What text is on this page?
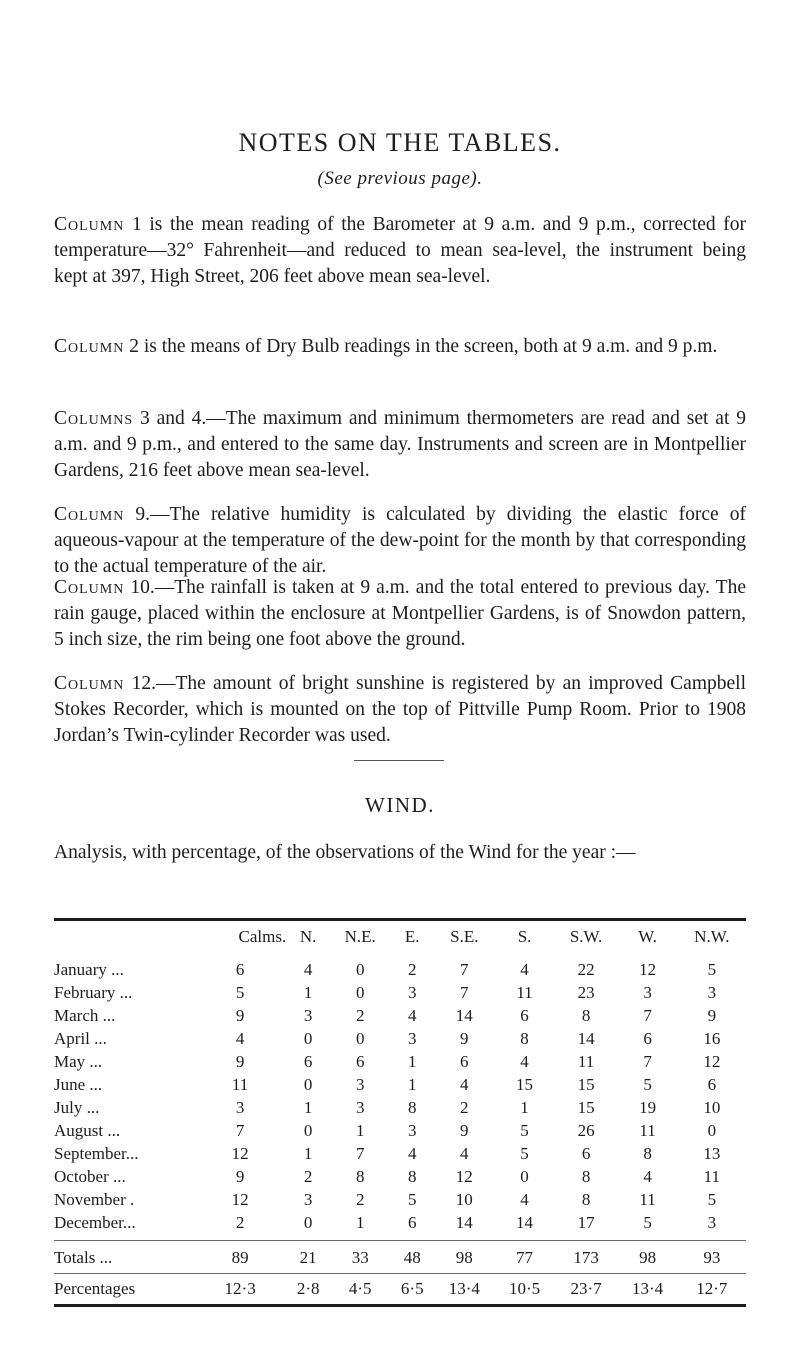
NOTES ON THE TABLES.
(See previous page).

Column 1 is the mean reading of the Barometer at 9 a.m. and 9 p.m., corrected for temperature—32° Fahrenheit—and reduced to mean sea-level, the instrument being kept at 397, High Street, 206 feet above mean sea-level.

Column 2 is the means of Dry Bulb readings in the screen, both at 9 a.m. and 9 p.m.

Columns 3 and 4.—The maximum and minimum thermometers are read and set at 9 a.m. and 9 p.m., and entered to the same day. Instruments and screen are in Montpellier Gardens, 216 feet above mean sea-level.

Column 9.—The relative humidity is calculated by dividing the elastic force of aqueous-vapour at the temperature of the dew-point for the month by that corresponding to the actual temperature of the air.

Column 10.—The rainfall is taken at 9 a.m. and the total entered to previous day. The rain gauge, placed within the enclosure at Montpellier Gardens, is of Snowdon pattern, 5 inch size, the rim being one foot above the ground.

Column 12.—The amount of bright sunshine is registered by an improved Campbell Stokes Recorder, which is mounted on the top of Pittville Pump Room. Prior to 1908 Jordan’s Twin-cylinder Recorder was used.

WIND.

Analysis, with percentage, of the observations of the Wind for the year :—

	Calms.	N.	N.E.	E.	S.E.	S.	S.W.	W.	N.W.
January ...	6	4	0	2	7	4	22	12	5
February ...	5	1	0	3	7	11	23	3	3
March ...	9	3	2	4	14	6	8	7	9
April ...	4	0	0	3	9	8	14	6	16
May ...	9	6	6	1	6	4	11	7	12
June ...	11	0	3	1	4	15	15	5	6
July ...	3	1	3	8	2	1	15	19	10
August ...	7	0	1	3	9	5	26	11	0
September...	12	1	7	4	4	5	6	8	13
October ...	9	2	8	8	12	0	8	4	11
November .	12	3	2	5	10	4	8	11	5
December...	2	0	1	6	14	14	17	5	3
Totals ...	89	21	33	48	98	77	173	98	93
Percentages	12·3	2·8	4·5	6·5	13·4	10·5	23·7	13·4	12·7
